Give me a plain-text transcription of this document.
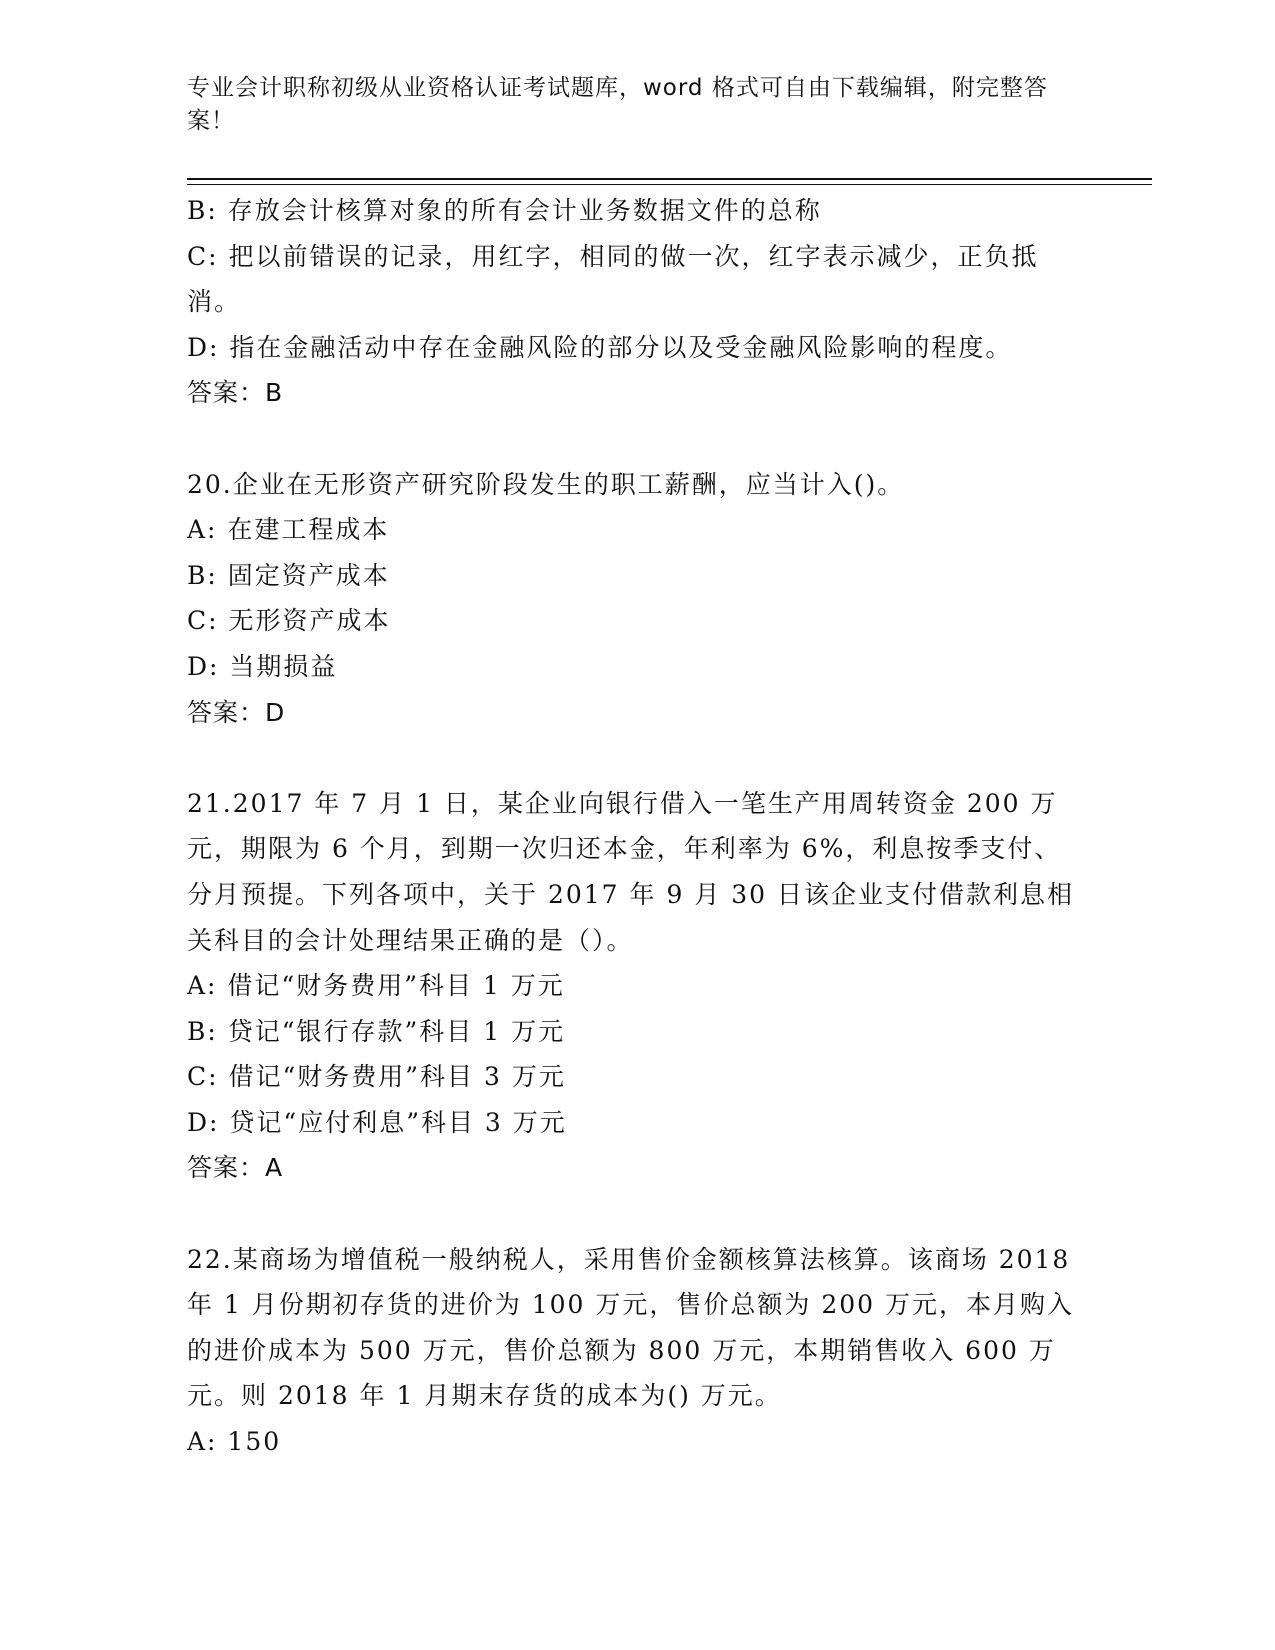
专业会计职称初级从业资格认证考试题库，word 格式可自由下载编辑，附完整答案！

B: 存放会计核算对象的所有会计业务数据文件的总称

C: 把以前错误的记录，用红字，相同的做一次，红字表示减少，正负抵消。

D: 指在金融活动中存在金融风险的部分以及受金融风险影响的程度。

答案：B

20.企业在无形资产研究阶段发生的职工薪酬，应当计入()。

A: 在建工程成本

B: 固定资产成本

C: 无形资产成本

D: 当期损益

答案：D

21.2017 年 7 月 1 日，某企业向银行借入一笔生产用周转资金 200 万元，期限为 6 个月，到期一次归还本金，年利率为 6%，利息按季支付、分月预提。下列各项中，关于 2017 年 9 月 30 日该企业支付借款利息相关科目的会计处理结果正确的是（）。

A: 借记“财务费用”科目 1 万元

B: 贷记“银行存款”科目 1 万元

C: 借记“财务费用”科目 3 万元

D: 贷记“应付利息”科目 3 万元

答案：A

22.某商场为增值税一般纳税人，采用售价金额核算法核算。该商场 2018 年 1 月份期初存货的进价为 100 万元，售价总额为 200 万元，本月购入的进价成本为 500 万元，售价总额为 800 万元，本期销售收入 600 万元。则 2018 年 1 月期末存货的成本为() 万元。

A: 150
